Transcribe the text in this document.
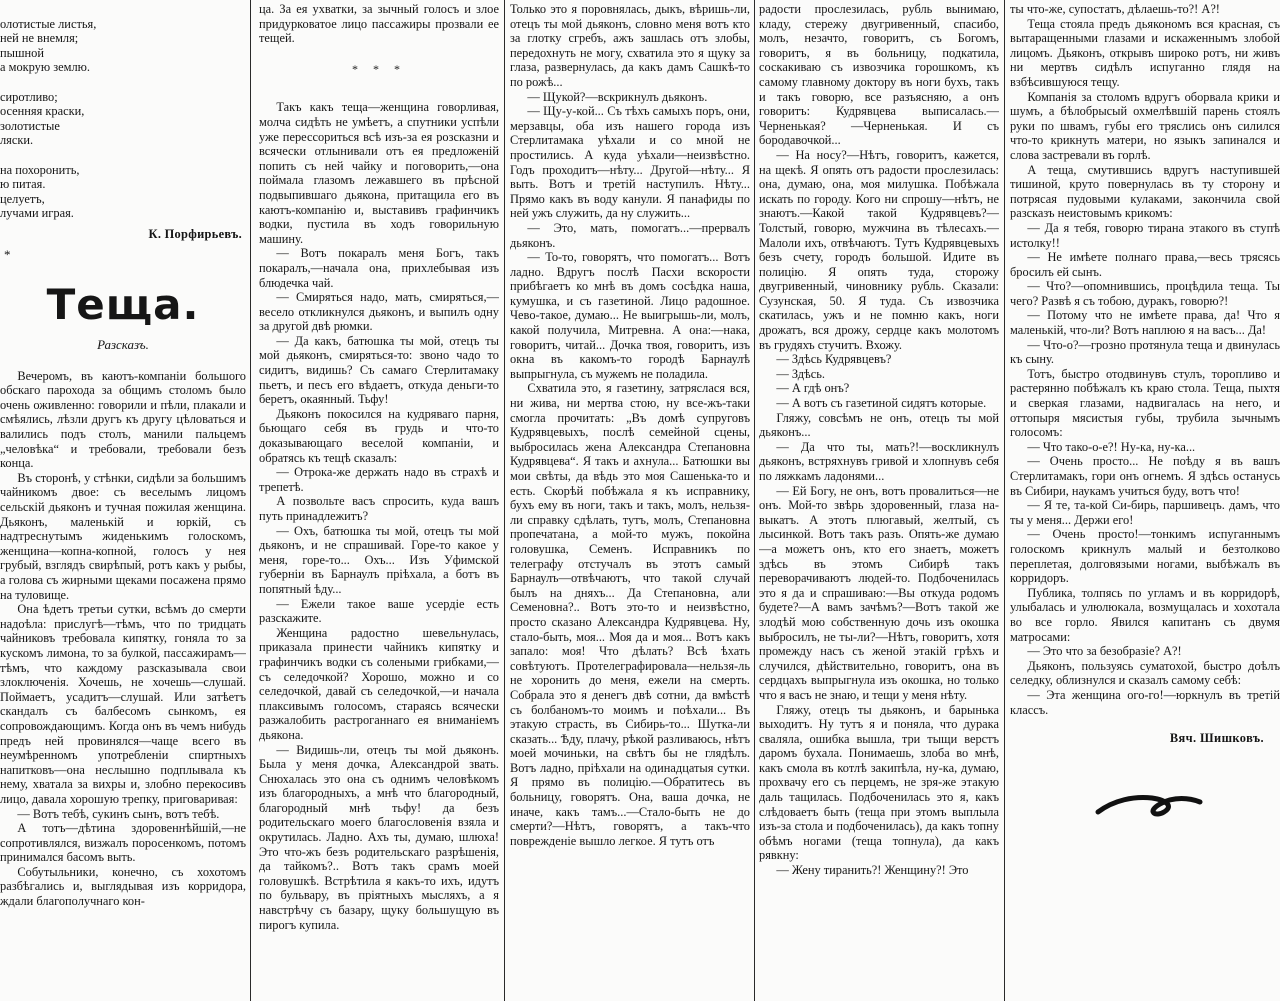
олотистые листья,

ней не внемля;

пышной

а мокрую землю.

сиротливо;

осенняя краски,

золотистые

ляски.

на похоронить,

ю питая.

целуетъ,

лучами играя.

К. Порфирьевъ.
*
Теща.
Разсказъ.

Вечеромъ, въ каютъ-компаніи большого обскаго парохода за общимъ столомъ было очень оживленно: говорили и пѣли, плакали и смѣялись, лѣзли другъ къ другу цѣловаться и валились подъ столъ, манили пальцемъ „человѣка“ и требовали, требовали безъ конца.

Въ сторонѣ, у стѣнки, сидѣли за большимъ чайникомъ двое: съ веселымъ лицомъ сельскій дьяконъ и тучная пожилая женщина. Дьяконъ, маленькій и юркій, съ надтреснутымъ жиденькимъ голоскомъ, женщина—копна-копной, голосъ у нея грубый, взглядъ свирѣпый, ротъ какъ у рыбы, а голова съ жирными щеками посажена прямо на туловище.

Она ѣдетъ третьи сутки, всѣмъ до смерти надоѣла: прислугѣ—тѣмъ, что по тридцать чайниковъ требовала кипятку, гоняла то за кускомъ лимона, то за булкой, пассажирамъ—тѣмъ, что каждому разсказывала свои злоключенія. Хочешь, не хочешь—слушай. Поймаетъ, усадитъ—слушай. Или затѣетъ скандалъ съ балбесомъ сынкомъ, ея сопровождающимъ. Когда онъ въ чемъ нибудь предъ ней провинялся—чаще всего въ неумѣренномъ употребленіи спиртныхъ напитковъ—она неслышно подплывала къ нему, хватала за вихры и, злобно перекосивъ лицо, давала хорошую трепку, приговаривая:

— Вотъ тебѣ, сукинъ сынъ, вотъ тебѣ.

А тотъ—дѣтина здоровеннѣйшій,—не сопротивлялся, визжалъ поросенкомъ, потомъ принимался басомъ выть.

Собутыльники, конечно, съ хохотомъ разбѣгались и, выглядывая изъ корридора, ждали благополучнаго кон-

ца. За ея ухватки, за зычный голосъ и злое придурковатое лицо пассажиры прозвали ее тещей.

* * *

Такъ какъ теща—женщина говорливая, молча сидѣть не умѣетъ, а спутники успѣли уже перессориться всѣ изъ-за ея розсказни и всячески отлынивали отъ ея предложеній попить съ ней чайку и поговорить,—она поймала глазомъ лежавшего въ прѣсной подвыпившаго дьякона, притащила его въ каютъ-компанію и, выставивъ графинчикъ водки, пустила въ ходъ говорильную машину.

— Вотъ покаралъ меня Богъ, такъ покаралъ,—начала она, прихлебывая изъ блюдечка чай.

— Смиряться надо, мать, смиряться,—весело откликнулся дьяконъ, и выпилъ одну за другой двѣ рюмки.

— Да какъ, батюшка ты мой, отецъ ты мой дьяконъ, смиряться-то: звоно чадо то сидитъ, видишь? Съ самаго Стерлитамаку пьетъ, и песъ его вѣдаетъ, откуда деньги-то беретъ, окаянный. Тьфу!

Дьяконъ покосился на кудряваго парня, бьющаго себя въ грудь и что-то доказывающаго веселой компаніи, и обратясь къ тещѣ сказалъ:

— Отрока-же держать надо въ страхѣ и трепетѣ.

А позвольте васъ спросить, куда вашъ путь принадлежитъ?

— Охъ, батюшка ты мой, отецъ ты мой дьяконъ, и не спрашивай. Горе-то какое у меня, горе-то... Охъ... Изъ Уфимской губерніи въ Барнаулъ пріѣхала, а ботъ въ попятный ѣду...

— Ежели такое ваше усердіе есть разскажите.

Женщина радостно шевельнулась, приказала принести чайникъ кипятку и графинчикъ водки съ солеными грибками,—съ селедочкой? Хорошо, можно и со селедочкой, давай съ селедочкой,—и начала плаксивымъ голосомъ, стараясь всячески разжалобить растроганнаго ея вниманіемъ дьякона.

— Видишь-ли, отецъ ты мой дьяконъ. Была у меня дочка, Александрой звать. Снюхалась это она съ однимъ человѣкомъ изъ благородныхъ, а мнѣ что благородный, благородный мнѣ тьфу! да безъ родительскаго моего благословенія взяла и окрутилась. Ладно. Ахъ ты, думаю, шлюха! Это что-жъ безъ родительскаго разрѣшенія, да тайкомъ?.. Вотъ такъ срамъ моей головушкѣ. Встрѣтила я какъ-то ихъ, идутъ по бульвару, въ пріятныхъ мысляхъ, а я навстрѣчу съ базару, щуку большущую въ пирогъ купила.

Только это я поровнялась, дыкъ, вѣришь-ли, отецъ ты мой дьяконъ, словно меня вотъ кто за глотку сгребъ, ажъ зашлась отъ злобы, передохнуть не могу, схватила это я щуку за глаза, развернулась, да какъ дамъ Сашкѣ-то по рожѣ...

— Щукой?—вскрикнулъ дьяконъ.

— Щу-у-кой... Съ тѣхъ самыхъ поръ, они, мерзавцы, оба изъ нашего города изъ Стерлитамака уѣхали и со мной не простились. А куда уѣхали—неизвѣстно. Годъ проходитъ—нѣту... Другой—нѣту... Я выть. Вотъ и третій наступилъ. Нѣту... Прямо какъ въ воду канули. Я панафиды по ней ужъ служить, да ну служить...

— Это, мать, помогатъ...—прервалъ дьяконъ.

— То-то, говорятъ, что помогатъ... Вотъ ладно. Вдругъ послѣ Пасхи вскорости прибѣгаетъ ко мнѣ въ домъ сосѣдка наша, кумушка, и съ газетиной. Лицо радошное. Чево-такое, думаю... Не выигрышь-ли, молъ, какой получила, Митревна. А она:—нака, говоритъ, читай... Дочка твоя, говоритъ, изъ окна въ какомъ-то городѣ Барнаулѣ выпрыгнула, съ мужемъ не поладила.

Схватила это, я газетину, затряслася вся, ни жива, ни мертва стою, ну все-жъ-таки смогла прочитать: „Въ домѣ супруговъ Кудрявцевыхъ, послѣ семейной сцены, выбросилась жена Александра Степановна Кудрявцева“. Я такъ и ахнула... Батюшки вы мои свѣты, да вѣдь это моя Сашенька-то и есть. Скорѣй побѣжала я къ исправнику, бухъ ему въ ноги, такъ и такъ, молъ, нельзя-ли справку сдѣлать, тутъ, молъ, Степановна пропечатана, а мой-то мужъ, покойна головушка, Семенъ. Исправникъ по телеграфу отстучалъ въ этотъ самый Барнаулъ—отвѣчаютъ, что такой случай былъ на дняхъ... Да Степановна, али Семеновна?.. Вотъ это-то и неизвѣстно, просто сказано Александра Кудрявцева. Ну, стало-быть, моя... Моя да и моя... Вотъ какъ запало: моя! Что дѣлать? Всѣ ѣхать совѣтуютъ. Протелеграфировала—нельзя-ль не хоронить до меня, ежели на смерть. Собрала это я денегъ двѣ сотни, да вмѣстѣ съ болбаномъ-то моимъ и поѣхали... Въ этакую страсть, въ Сибирь-то... Шутка-ли сказать... Ѣду, плачу, рѣкой разливаюсь, нѣтъ моей мочиньки, на свѣтъ бы не глядѣлъ. Вотъ ладно, пріѣхали на одинадцатыя сутки. Я прямо въ полицію.—Обратитесь въ больницу, говорятъ. Она, ваша дочка, не иначе, какъ тамъ...—Стало-быть не до смерти?—Нѣтъ, говорятъ, а такъ-что поврежденіе вышло легкое. Я тутъ отъ

радости прослезилась, рубль вынимаю, кладу, стережу двугривенный, спасибо, молъ, незачто, говоритъ, съ Богомъ, говоритъ, я въ больницу, подкатила, соскакиваю съ извозчика горошкомъ, къ самому главному доктору въ ноги бухъ, такъ и такъ говорю, все разъясняю, а онъ говоритъ: Кудрявцева выписалась.—Черненькая? —Черненькая. И съ бородавочкой...

— На носу?—Нѣтъ, говоритъ, кажется, на щекѣ. Я опять отъ радости прослезилась: она, думаю, она, моя милушка. Побѣжала искать по городу. Кого ни спрошу—нѣтъ, не знаютъ.—Какой такой Кудрявцевъ?—Толстый, говорю, мужчина въ тѣлесахъ.—Малоли ихъ, отвѣчаютъ. Тутъ Кудрявцевыхъ безъ счету, городъ большой. Идите въ полицію. Я опять туда, сторожу двугривенный, чиновнику рубль. Сказали: Сузунская, 50. Я туда. Съ извозчика скатилась, ужъ и не помню какъ, ноги дрожатъ, вся дрожу, сердце какъ молотомъ въ грудяхъ стучитъ. Вхожу.

— Здѣсь Кудрявцевъ?

— Здѣсь.

— А гдѣ онъ?

— А вотъ съ газетиной сидятъ которые.

Гляжу, совсѣмъ не онъ, отецъ ты мой дьяконъ...

— Да что ты, мать?!—воскликнулъ дьяконъ, встряхнувъ гривой и хлопнувъ себя по ляжкамъ ладонями...

— Ей Богу, не онъ, вотъ провалиться—не онъ. Мой-то звѣрь здоровенный, глаза на-выкатъ. А этотъ плюгавый, желтый, съ лысинкой. Вотъ такъ разъ. Опять-же думаю—а можетъ онъ, кто его знаетъ, можетъ здѣсь въ этомъ Сибирѣ такъ переворачиваютъ людей-то. Подбоченилась это я да и спрашиваю:—Вы откуда родомъ будете?—А вамъ зачѣмъ?—Вотъ такой же злодѣй мою собственную дочь изъ окошка выбросилъ, не ты-ли?—Нѣтъ, говоритъ, хотя промежду насъ съ женой этакій грѣхъ и случился, дѣйствительно, говоритъ, она въ сердцахъ выпрыгнула изъ окошка, но только что я васъ не знаю, и тещи у меня нѣту.

Гляжу, отецъ ты дьяконъ, и барынька выходитъ. Ну тутъ я и поняла, что дурака сваляла, ошибка вышла, три тыщи верстъ даромъ бухала. Понимаешь, злоба во мнѣ, какъ смола въ котлѣ закипѣла, ну-ка, думаю, прохвачу его съ перцемъ, не зря-же этакую даль тащилась. Подбоченилась это я, какъ слѣдоваетъ быть (теща при этомъ выплыла изъ-за стола и подбоченилась), да какъ топну обѣмъ ногами (теща топнула), да какъ рявкну:

— Жену тиранить?! Женщину?! Это

ты что-же, супостатъ, дѣлаешь-то?! А?!

Теща стояла предъ дьякономъ вся красная, съ вытаращенными глазами и искаженнымъ злобой лицомъ. Дьяконъ, открывъ широко ротъ, ни живъ ни мертвъ сидѣлъ испуганно глядя на взбѣсившуюся тещу.

Компанія за столомъ вдругъ оборвала крики и шумъ, а бѣлобрысый охмелѣвшій парень стоялъ руки по швамъ, губы его тряслись онъ силился что-то крикнуть матери, но языкъ запинался и слова застревали въ горлѣ.

А теща, смутившись вдругъ наступившей тишиной, круто повернулась въ ту сторону и потрясая пудовыми кулаками, закончила свой разсказъ неистовымъ крикомъ:

— Да я тебя, говорю тирана этакого въ ступѣ истолку!!

— Не имѣете полнаго права,—весь трясясь бросилъ ей сынъ.

— Что?—опомнившись, процѣдила теща. Ты чего? Развѣ я съ тобою, дуракъ, говорю?!

— Потому что не имѣете права, да! Что я маленькій, что-ли? Вотъ наплюю я на васъ... Да!

— Что-о?—грозно протянула теща и двинулась къ сыну.

Тотъ, быстро отодвинувъ стулъ, торопливо и растерянно побѣжалъ къ краю стола. Теща, пыхтя и сверкая глазами, надвигалась на него, и оттопыря мясистыя губы, трубила зычнымъ голосомъ:

— Что тако-о-е?! Ну-ка, ну-ка...

— Очень просто... Не поѣду я въ вашъ Стерлитамакъ, гори онъ огнемъ. Я здѣсь останусь въ Сибири, наукамъ учиться буду, вотъ что!

— Я те, та-кой Си-бирь, паршивецъ. дамъ, что ты у меня... Держи его!

— Очень просто!—тонкимъ испуганнымъ голоскомъ крикнулъ малый и безтолково переплетая, долговязыми ногами, выбѣжалъ въ корридоръ.

Публика, толпясь по угламъ и въ корридорѣ, улыбалась и улюлюкала, возмущалась и хохотала во все горло. Явился капитанъ съ двумя матросами:

— Это что за безобразіе? А?!

Дьяконъ, пользуясь суматохой, быстро доѣлъ селедку, облизнулся и сказалъ самому себѣ:

— Эта женщина ого-го!—юркнулъ въ третій классъ.

Вяч. Шишковъ.
